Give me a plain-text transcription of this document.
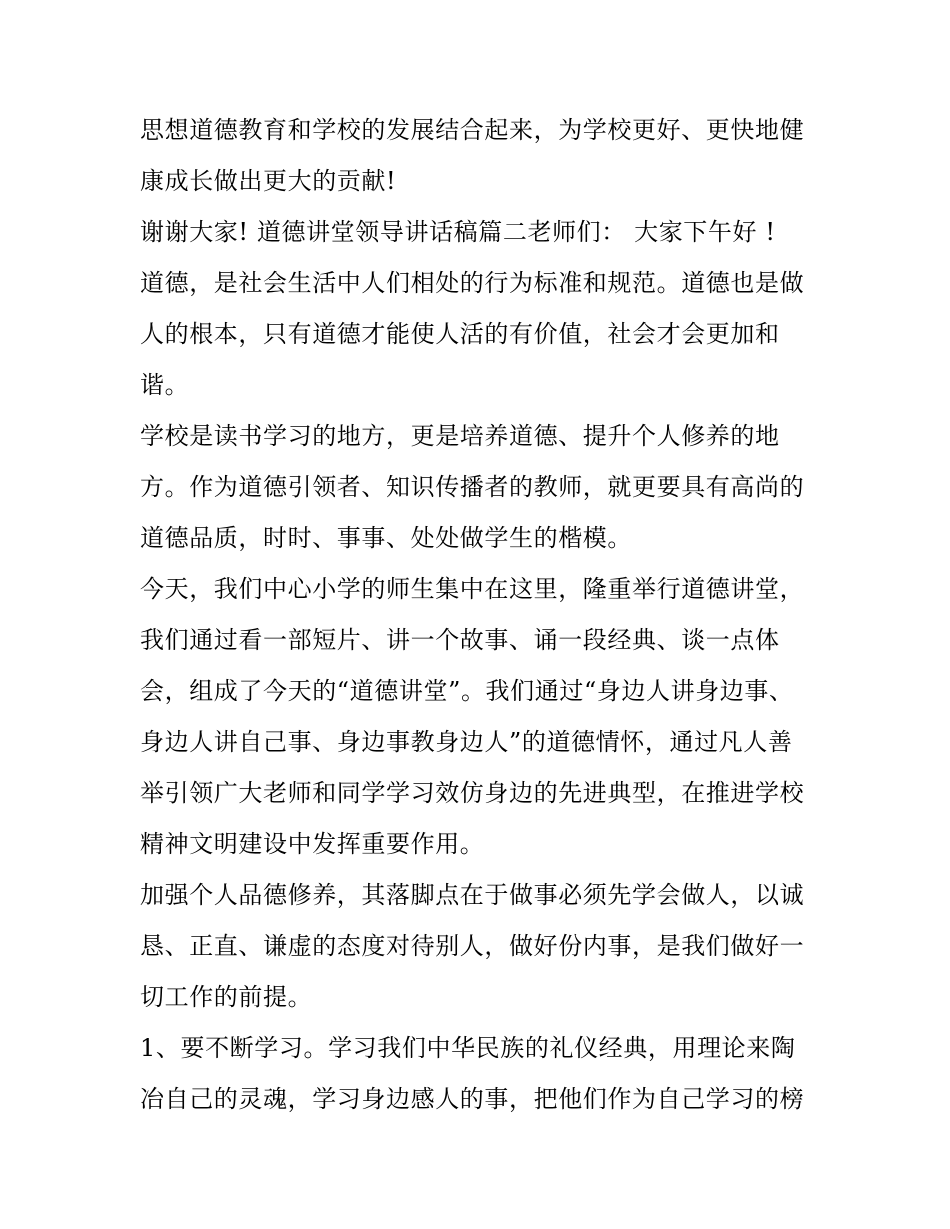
思想道德教育和学校的发展结合起来，为学校更好、更快地健
康成长做出更大的贡献!
谢谢大家! 道德讲堂领导讲话稿篇二老师们： 大家下午好 !
道德，是社会生活中人们相处的行为标准和规范。道德也是做
人的根本，只有道德才能使人活的有价值，社会才会更加和
谐。
学校是读书学习的地方，更是培养道德、提升个人修养的地
方。作为道德引领者、知识传播者的教师，就更要具有高尚的
道德品质，时时、事事、处处做学生的楷模。
今天，我们中心小学的师生集中在这里，隆重举行道德讲堂，
我们通过看一部短片、讲一个故事、诵一段经典、谈一点体
会，组成了今天的“道德讲堂”。我们通过“身边人讲身边事、
身边人讲自己事、身边事教身边人”的道德情怀，通过凡人善
举引领广大老师和同学学习效仿身边的先进典型，在推进学校
精神文明建设中发挥重要作用。
加强个人品德修养，其落脚点在于做事必须先学会做人，以诚
恳、正直、谦虚的态度对待别人，做好份内事，是我们做好一
切工作的前提。
1、要不断学习。学习我们中华民族的礼仪经典，用理论来陶
冶自己的灵魂，学习身边感人的事，把他们作为自己学习的榜
